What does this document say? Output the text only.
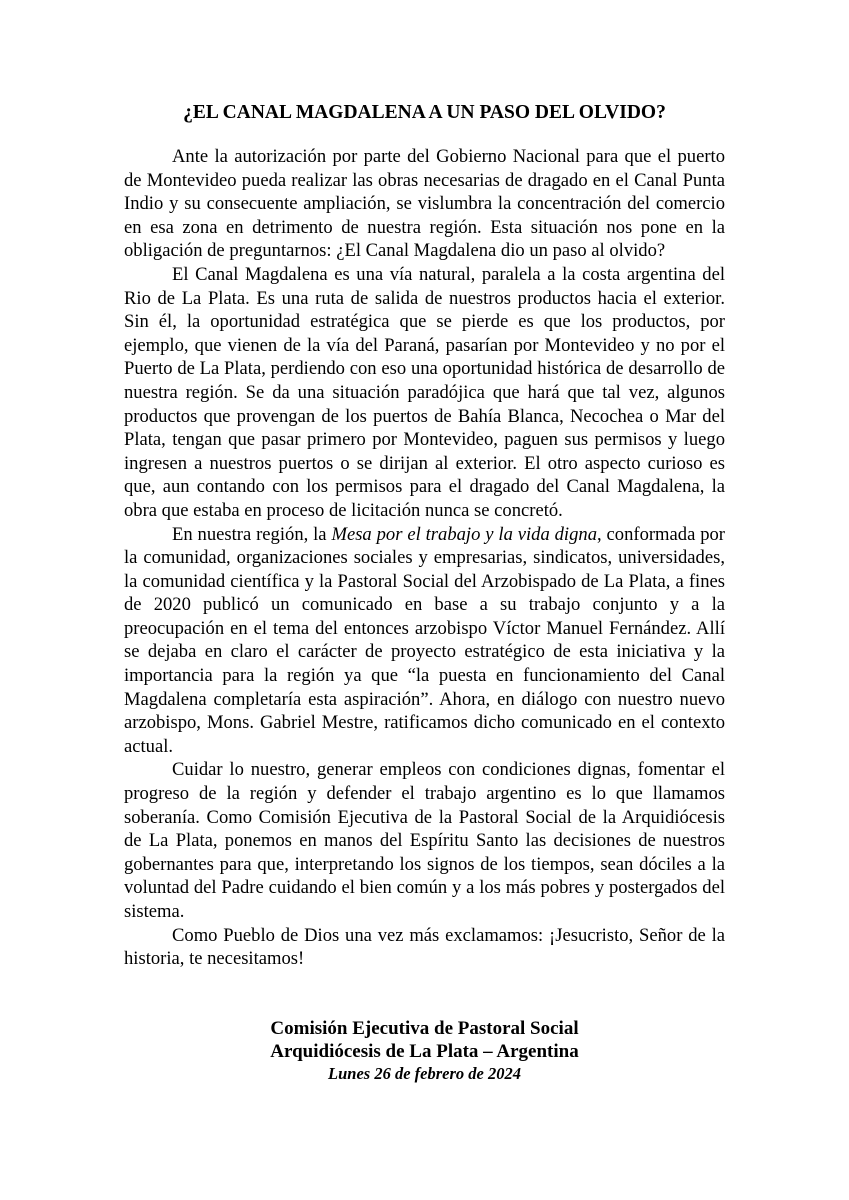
¿EL CANAL MAGDALENA A UN PASO DEL OLVIDO?

Ante la autorización por parte del Gobierno Nacional para que el puerto de Montevideo pueda realizar las obras necesarias de dragado en el Canal Punta Indio y su consecuente ampliación, se vislumbra la concentración del comercio en esa zona en detrimento de nuestra región. Esta situación nos pone en la obligación de preguntarnos: ¿El Canal Magdalena dio un paso al olvido?

El Canal Magdalena es una vía natural, paralela a la costa argentina del Rio de La Plata. Es una ruta de salida de nuestros productos hacia el exterior. Sin él, la oportunidad estratégica que se pierde es que los productos, por ejemplo, que vienen de la vía del Paraná, pasarían por Montevideo y no por el Puerto de La Plata, perdiendo con eso una oportunidad histórica de desarrollo de nuestra región. Se da una situación paradójica que hará que tal vez, algunos productos que provengan de los puertos de Bahía Blanca, Necochea o Mar del Plata, tengan que pasar primero por Montevideo, paguen sus permisos y luego ingresen a nuestros puertos o se dirijan al exterior. El otro aspecto curioso es que, aun contando con los permisos para el dragado del Canal Magdalena, la obra que estaba en proceso de licitación nunca se concretó.

En nuestra región, la Mesa por el trabajo y la vida digna, conformada por la comunidad, organizaciones sociales y empresarias, sindicatos, universidades, la comunidad científica y la Pastoral Social del Arzobispado de La Plata, a fines de 2020 publicó un comunicado en base a su trabajo conjunto y a la preocupación en el tema del entonces arzobispo Víctor Manuel Fernández. Allí se dejaba en claro el carácter de proyecto estratégico de esta iniciativa y la importancia para la región ya que “la puesta en funcionamiento del Canal Magdalena completaría esta aspiración”. Ahora, en diálogo con nuestro nuevo arzobispo, Mons. Gabriel Mestre, ratificamos dicho comunicado en el contexto actual.

Cuidar lo nuestro, generar empleos con condiciones dignas, fomentar el progreso de la región y defender el trabajo argentino es lo que llamamos soberanía. Como Comisión Ejecutiva de la Pastoral Social de la Arquidiócesis de La Plata, ponemos en manos del Espíritu Santo las decisiones de nuestros gobernantes para que, interpretando los signos de los tiempos, sean dóciles a la voluntad del Padre cuidando el bien común y a los más pobres y postergados del sistema.

Como Pueblo de Dios una vez más exclamamos: ¡Jesucristo, Señor de la historia, te necesitamos!

Comisión Ejecutiva de Pastoral Social
Arquidiócesis de La Plata – Argentina
Lunes 26 de febrero de 2024
